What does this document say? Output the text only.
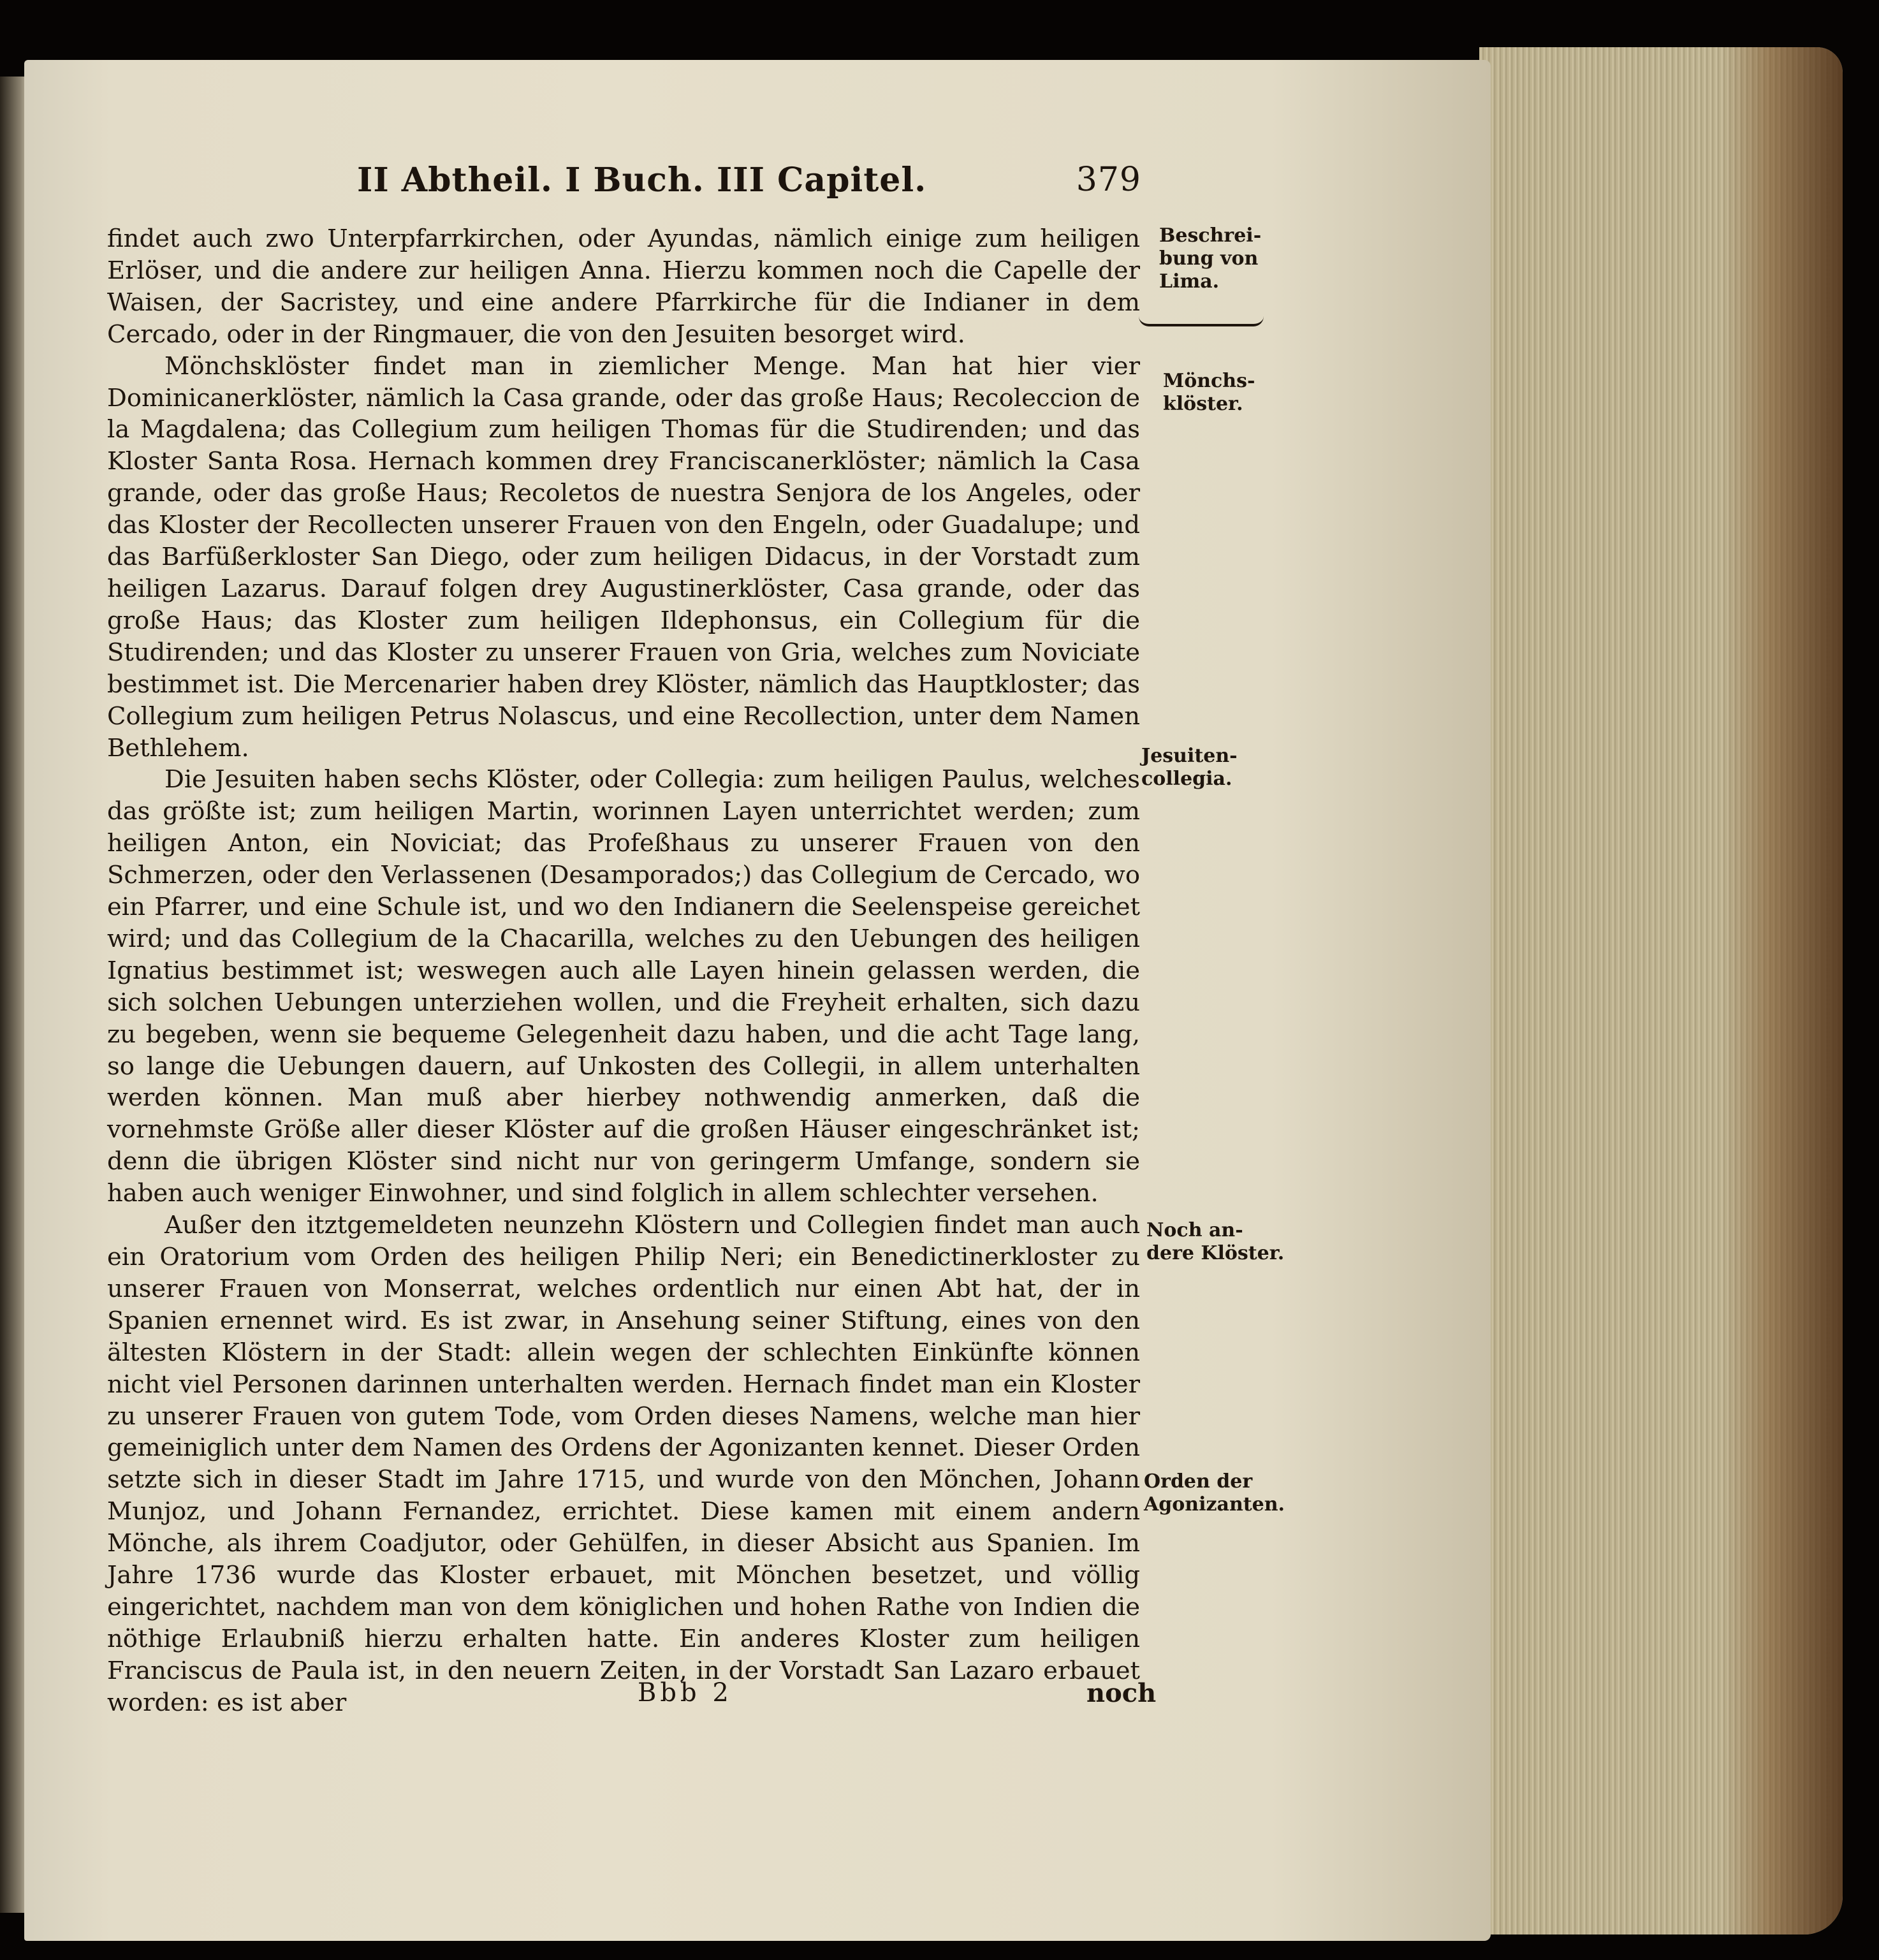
II Abtheil. I Buch. III Capitel.	379

findet auch zwo Unterpfarrkirchen, oder Ayundas, nämlich einige zum heiligen Erlöser, und die andere zur heiligen Anna. Hierzu kommen noch die Capelle der Waisen, der Sacristey, und eine andere Pfarrkirche für die Indianer in dem Cercado, oder in der Ringmauer, die von den Jesuiten besorget wird.

Mönchsklöster findet man in ziemlicher Menge. Man hat hier vier Dominicanerklöster, nämlich la Casa grande, oder das große Haus; Recoleccion de la Magdalena; das Collegium zum heiligen Thomas für die Studirenden; und das Kloster Santa Rosa. Hernach kommen drey Franciscanerklöster; nämlich la Casa grande, oder das große Haus; Recoletos de nuestra Senjora de los Angeles, oder das Kloster der Recollecten unserer Frauen von den Engeln, oder Guadalupe; und das Barfüßerkloster San Diego, oder zum heiligen Didacus, in der Vorstadt zum heiligen Lazarus. Darauf folgen drey Augustinerklöster, Casa grande, oder das große Haus; das Kloster zum heiligen Ildephonsus, ein Collegium für die Studirenden; und das Kloster zu unserer Frauen von Gria, welches zum Noviciate bestimmet ist. Die Mercenarier haben drey Klöster, nämlich das Hauptkloster; das Collegium zum heiligen Petrus Nolascus, und eine Recollection, unter dem Namen Bethlehem.

Die Jesuiten haben sechs Klöster, oder Collegia: zum heiligen Paulus, welches das größte ist; zum heiligen Martin, worinnen Layen unterrichtet werden; zum heiligen Anton, ein Noviciat; das Profeßhaus zu unserer Frauen von den Schmerzen, oder den Verlassenen (Desamporados;) das Collegium de Cercado, wo ein Pfarrer, und eine Schule ist, und wo den Indianern die Seelenspeise gereichet wird; und das Collegium de la Chacarilla, welches zu den Uebungen des heiligen Ignatius bestimmet ist; weswegen auch alle Layen hinein gelassen werden, die sich solchen Uebungen unterziehen wollen, und die Freyheit erhalten, sich dazu zu begeben, wenn sie bequeme Gelegenheit dazu haben, und die acht Tage lang, so lange die Uebungen dauern, auf Unkosten des Collegii, in allem unterhalten werden können. Man muß aber hierbey nothwendig anmerken, daß die vornehmste Größe aller dieser Klöster auf die großen Häuser eingeschränket ist; denn die übrigen Klöster sind nicht nur von geringerm Umfange, sondern sie haben auch weniger Einwohner, und sind folglich in allem schlechter versehen.

Außer den itztgemeldeten neunzehn Klöstern und Collegien findet man auch ein Oratorium vom Orden des heiligen Philip Neri; ein Benedictinerkloster zu unserer Frauen von Monserrat, welches ordentlich nur einen Abt hat, der in Spanien ernennet wird. Es ist zwar, in Ansehung seiner Stiftung, eines von den ältesten Klöstern in der Stadt: allein wegen der schlechten Einkünfte können nicht viel Personen darinnen unterhalten werden. Hernach findet man ein Kloster zu unserer Frauen von gutem Tode, vom Orden dieses Namens, welche man hier gemeiniglich unter dem Namen des Ordens der Agonizanten kennet. Dieser Orden setzte sich in dieser Stadt im Jahre 1715, und wurde von den Mönchen, Johann Munjoz, und Johann Fernandez, errichtet. Diese kamen mit einem andern Mönche, als ihrem Coadjutor, oder Gehülfen, in dieser Absicht aus Spanien. Im Jahre 1736 wurde das Kloster erbauet, mit Mönchen besetzet, und völlig eingerichtet, nachdem man von dem königlichen und hohen Rathe von Indien die nöthige Erlaubniß hierzu erhalten hatte. Ein anderes Kloster zum heiligen Franciscus de Paula ist, in den neuern Zeiten, in der Vorstadt San Lazaro erbauet worden: es ist aber

Beschrei-
bung von
Lima.
Mönchs-
klöster.
Jesuiten-
collegia.
Noch an-
dere Klöster.
Orden der
Agonizanten.
Bbb 2	noch
